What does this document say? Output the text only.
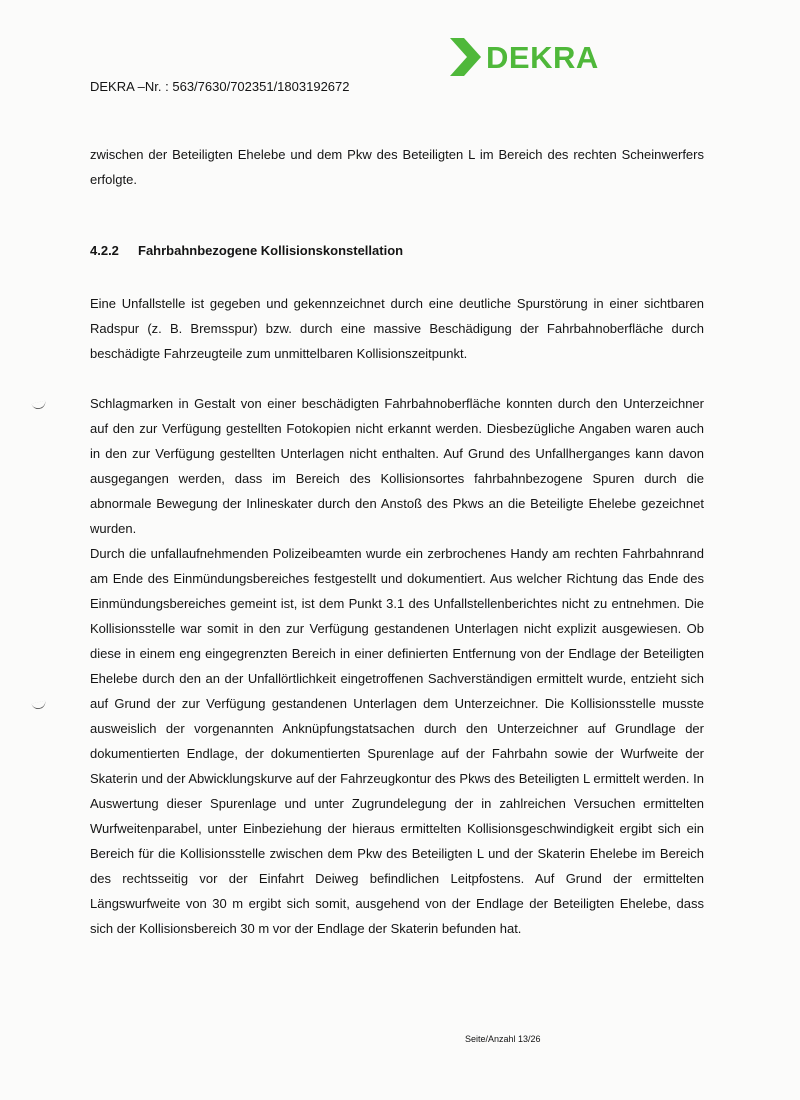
DEKRA
DEKRA –Nr. : 563/7630/702351/1803192672

zwischen der Beteiligten Ehelebe und dem Pkw des Beteiligten L im Bereich des rechten Scheinwerfers erfolgte.

4.2.2 Fahrbahnbezogene Kollisionskonstellation

Eine Unfallstelle ist gegeben und gekennzeichnet durch eine deutliche Spurstörung in einer sichtbaren Radspur (z. B. Bremsspur) bzw. durch eine massive Beschädigung der Fahrbahnoberfläche durch beschädigte Fahrzeugteile zum unmittelbaren Kollisionszeitpunkt.

Schlagmarken in Gestalt von einer beschädigten Fahrbahnoberfläche konnten durch den Unterzeichner auf den zur Verfügung gestellten Fotokopien nicht erkannt werden. Diesbezügliche Angaben waren auch in den zur Verfügung gestellten Unterlagen nicht enthalten. Auf Grund des Unfallherganges kann davon ausgegangen werden, dass im Bereich des Kollisionsortes fahrbahnbezogene Spuren durch die abnormale Bewegung der Inlineskater durch den Anstoß des Pkws an die Beteiligte Ehelebe gezeichnet wurden.

Durch die unfallaufnehmenden Polizeibeamten wurde ein zerbrochenes Handy am rechten Fahrbahnrand am Ende des Einmündungsbereiches festgestellt und dokumentiert. Aus welcher Richtung das Ende des Einmündungsbereiches gemeint ist, ist dem Punkt 3.1 des Unfallstellenberichtes nicht zu entnehmen. Die Kollisionsstelle war somit in den zur Verfügung gestandenen Unterlagen nicht explizit ausgewiesen. Ob diese in einem eng eingegrenzten Bereich in einer definierten Entfernung von der Endlage der Beteiligten Ehelebe durch den an der Unfallörtlichkeit eingetroffenen Sachverständigen ermittelt wurde, entzieht sich auf Grund der zur Verfügung gestandenen Unterlagen dem Unterzeichner. Die Kollisionsstelle musste ausweislich der vorgenannten Anknüpfungstatsachen durch den Unterzeichner auf Grundlage der dokumentierten Endlage, der dokumentierten Spurenlage auf der Fahrbahn sowie der Wurfweite der Skaterin und der Abwicklungskurve auf der Fahrzeugkontur des Pkws des Beteiligten L ermittelt werden. In Auswertung dieser Spurenlage und unter Zugrundelegung der in zahlreichen Versuchen ermittelten Wurfweitenparabel, unter Einbeziehung der hieraus ermittelten Kollisionsgeschwindigkeit ergibt sich ein Bereich für die Kollisionsstelle zwischen dem Pkw des Beteiligten L und der Skaterin Ehelebe im Bereich des rechtsseitig vor der Einfahrt Deiweg befindlichen Leitpfostens. Auf Grund der ermittelten Längswurfweite von 30 m ergibt sich somit, ausgehend von der Endlage der Beteiligten Ehelebe, dass sich der Kollisionsbereich 30 m vor der Endlage der Skaterin befunden hat.

Seite/Anzahl 13/26
